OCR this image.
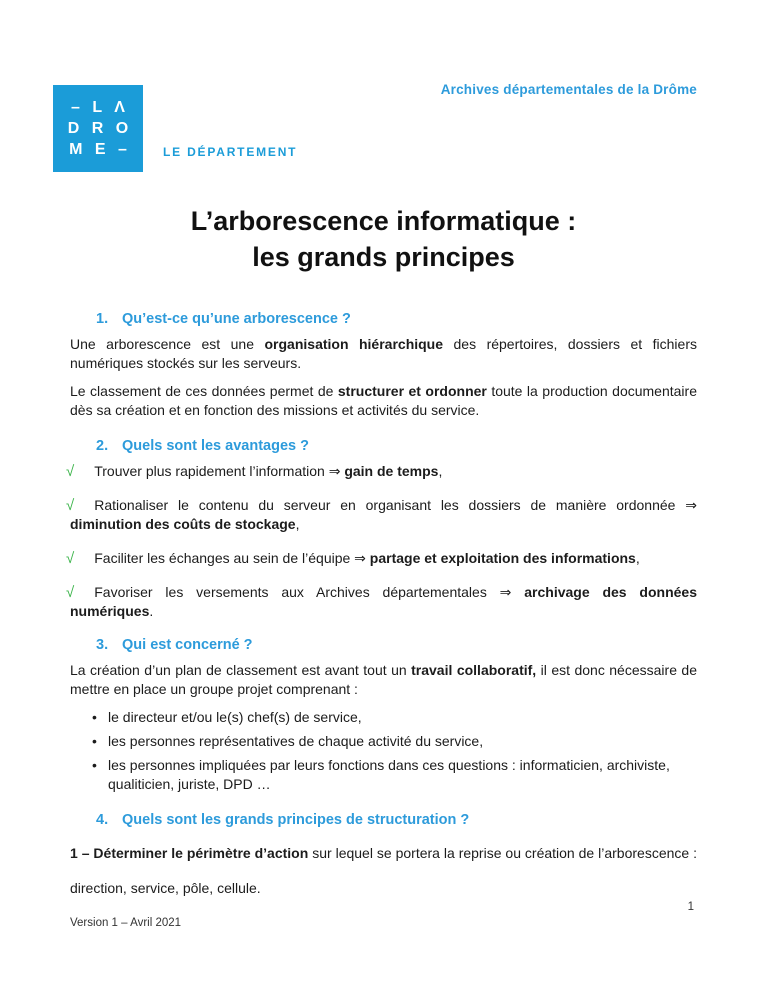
– L Λ
D R O
M E –	LE DÉPARTEMENT
Archives départementales de la Drôme
L’arborescence informatique :
les grands principes
1. Qu’est-ce qu’une arborescence ?

Une arborescence est une organisation hiérarchique des répertoires, dossiers et fichiers numériques stockés sur les serveurs.

Le classement de ces données permet de structurer et ordonner toute la production documentaire dès sa création et en fonction des missions et activités du service.

2. Quels sont les avantages ?

√ Trouver plus rapidement l’information ⇒ gain de temps,

√ Rationaliser le contenu du serveur en organisant les dossiers de manière ordonnée ⇒ diminution des coûts de stockage,

√ Faciliter les échanges au sein de l’équipe ⇒ partage et exploitation des informations,

√ Favoriser les versements aux Archives départementales ⇒ archivage des données numériques.

3. Qui est concerné ?

La création d’un plan de classement est avant tout un travail collaboratif, il est donc nécessaire de mettre en place un groupe projet comprenant :

• le directeur et/ou le(s) chef(s) de service,
• les personnes représentatives de chaque activité du service,
• les personnes impliquées par leurs fonctions dans ces questions : informaticien, archiviste, qualiticien, juriste, DPD …
4. Quels sont les grands principes de structuration ?

1 – Déterminer le périmètre d’action sur lequel se portera la reprise ou création de l’arborescence : direction, service, pôle, cellule.

1
Version 1 – Avril 2021
